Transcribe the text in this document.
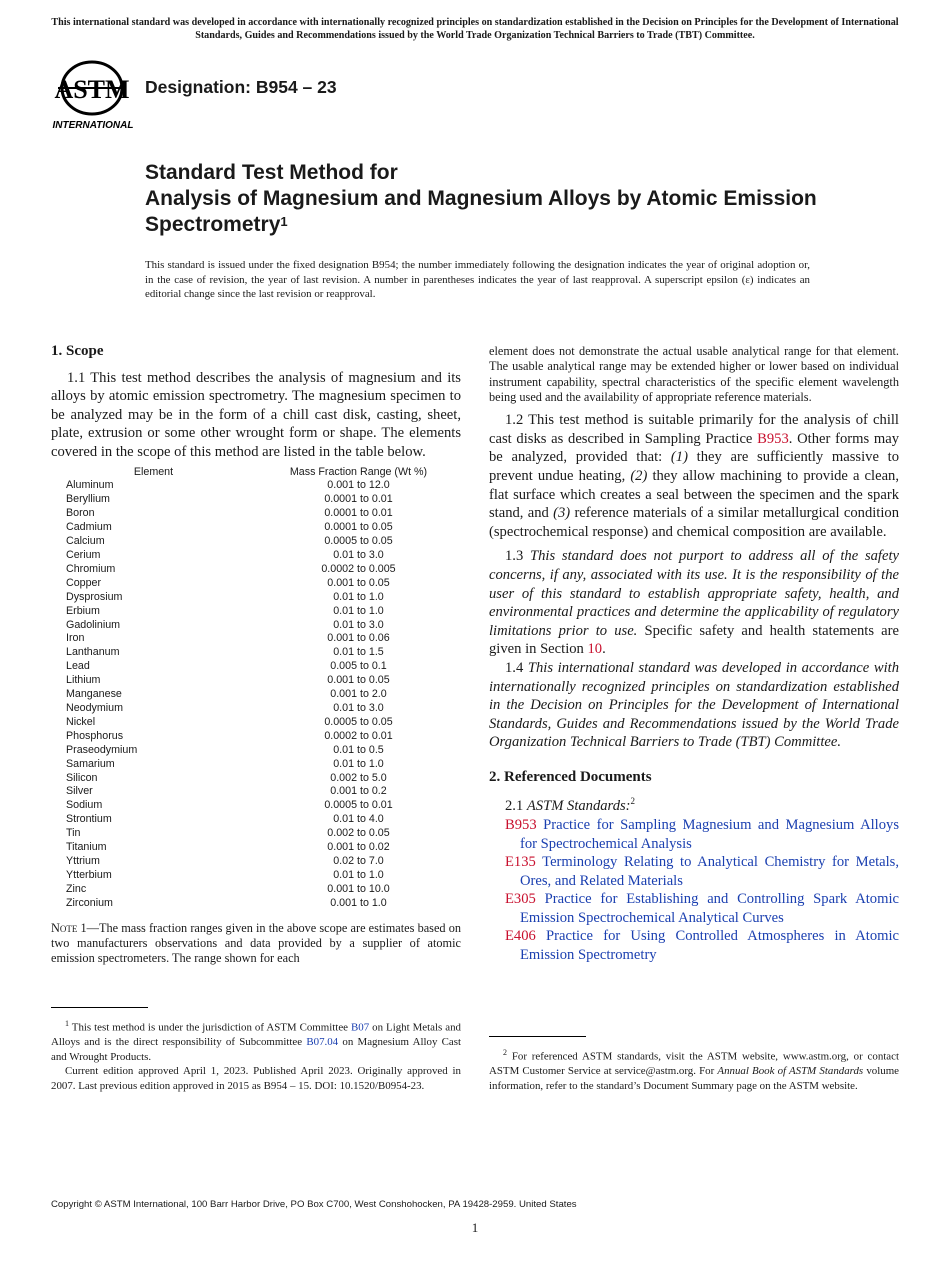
This international standard was developed in accordance with internationally recognized principles on standardization established in the Decision on Principles for the Development of International Standards, Guides and Recommendations issued by the World Trade Organization Technical Barriers to Trade (TBT) Committee.
ASTM
INTERNATIONAL
Designation: B954 – 23
Standard Test Method for
Analysis of Magnesium and Magnesium Alloys by Atomic Emission Spectrometry$^1$
This standard is issued under the fixed designation B954; the number immediately following the designation indicates the year of original adoption or, in the case of revision, the year of last revision. A number in parentheses indicates the year of last reapproval. A superscript epsilon (ε) indicates an editorial change since the last revision or reapproval.
1. Scope

1.1 This test method describes the analysis of magnesium and its alloys by atomic emission spectrometry. The magnesium specimen to be analyzed may be in the form of a chill cast disk, casting, sheet, plate, extrusion or some other wrought form or shape. The elements covered in the scope of this method are listed in the table below.

Element	Mass Fraction Range (Wt %)
Aluminum	0.001 to 12.0
Beryllium	0.0001 to 0.01
Boron	0.0001 to 0.01
Cadmium	0.0001 to 0.05
Calcium	0.0005 to 0.05
Cerium	0.01 to 3.0
Chromium	0.0002 to 0.005
Copper	0.001 to 0.05
Dysprosium	0.01 to 1.0
Erbium	0.01 to 1.0
Gadolinium	0.01 to 3.0
Iron	0.001 to 0.06
Lanthanum	0.01 to 1.5
Lead	0.005 to 0.1
Lithium	0.001 to 0.05
Manganese	0.001 to 2.0
Neodymium	0.01 to 3.0
Nickel	0.0005 to 0.05
Phosphorus	0.0002 to 0.01
Praseodymium	0.01 to 0.5
Samarium	0.01 to 1.0
Silicon	0.002 to 5.0
Silver	0.001 to 0.2
Sodium	0.0005 to 0.01
Strontium	0.01 to 4.0
Tin	0.002 to 0.05
Titanium	0.001 to 0.02
Yttrium	0.02 to 7.0
Ytterbium	0.01 to 1.0
Zinc	0.001 to 10.0
Zirconium	0.001 to 1.0

Note 1—The mass fraction ranges given in the above scope are estimates based on two manufacturers observations and data provided by a supplier of atomic emission spectrometers. The range shown for each

$^1$ This test method is under the jurisdiction of ASTM Committee B07 on Light Metals and Alloys and is the direct responsibility of Subcommittee B07.04 on Magnesium Alloy Cast and Wrought Products.

Current edition approved April 1, 2023. Published April 2023. Originally approved in 2007. Last previous edition approved in 2015 as B954 – 15. DOI: 10.1520/B0954-23.

element does not demonstrate the actual usable analytical range for that element. The usable analytical range may be extended higher or lower based on individual instrument capability, spectral characteristics of the specific element wavelength being used and the availability of appropriate reference materials.

1.2 This test method is suitable primarily for the analysis of chill cast disks as described in Sampling Practice B953. Other forms may be analyzed, provided that: (1) they are sufficiently massive to prevent undue heating, (2) they allow machining to provide a clean, flat surface which creates a seal between the specimen and the spark stand, and (3) reference materials of a similar metallurgical condition (spectrochemical response) and chemical composition are available.

1.3 This standard does not purport to address all of the safety concerns, if any, associated with its use. It is the responsibility of the user of this standard to establish appropriate safety, health, and environmental practices and determine the applicability of regulatory limitations prior to use. Specific safety and health statements are given in Section 10.

1.4 This international standard was developed in accordance with internationally recognized principles on standardization established in the Decision on Principles for the Development of International Standards, Guides and Recommendations issued by the World Trade Organization Technical Barriers to Trade (TBT) Committee.

2. Referenced Documents

2.1 ASTM Standards:$^2$

B953 Practice for Sampling Magnesium and Magnesium Alloys for Spectrochemical Analysis

E135 Terminology Relating to Analytical Chemistry for Metals, Ores, and Related Materials

E305 Practice for Establishing and Controlling Spark Atomic Emission Spectrochemical Analytical Curves

E406 Practice for Using Controlled Atmospheres in Atomic Emission Spectrometry

$^2$ For referenced ASTM standards, visit the ASTM website, www.astm.org, or contact ASTM Customer Service at service@astm.org. For Annual Book of ASTM Standards volume information, refer to the standard’s Document Summary page on the ASTM website.

Copyright © ASTM International, 100 Barr Harbor Drive, PO Box C700, West Conshohocken, PA 19428-2959. United States
1
